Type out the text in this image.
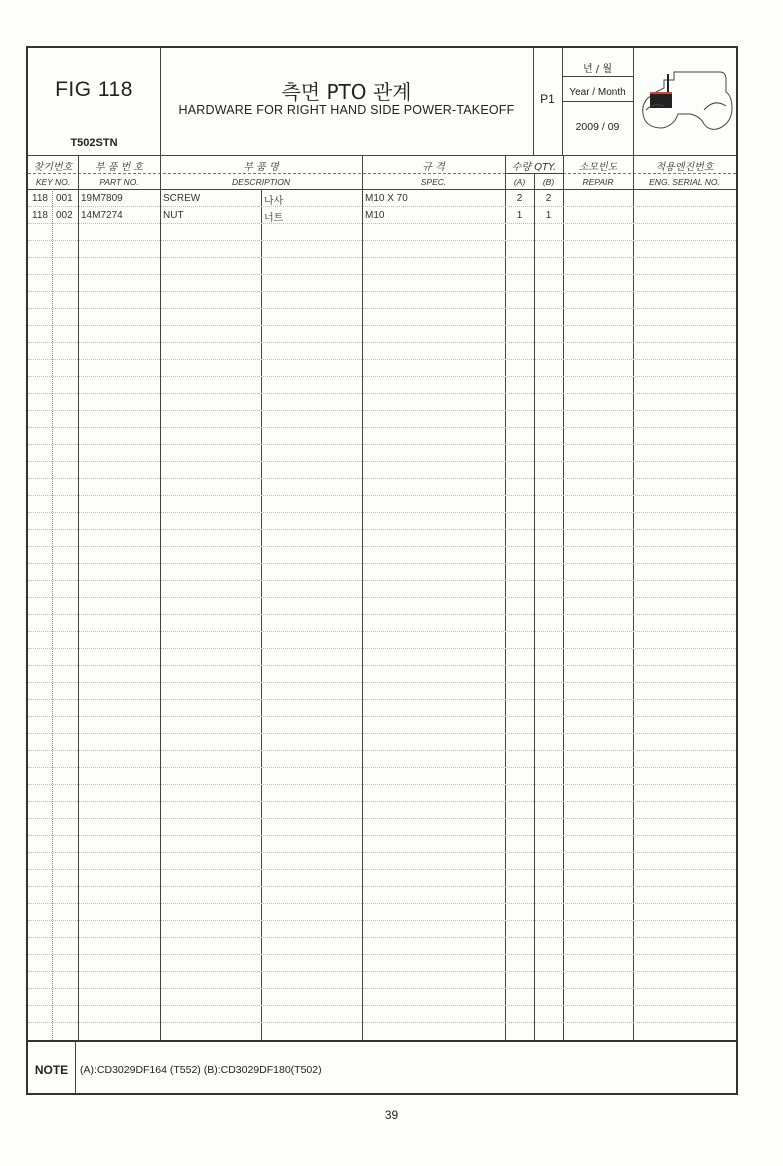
FIG 118
T502STN
측면 PTO 관계
HARDWARE FOR RIGHT HAND SIDE POWER-TAKEOFF
P1
년 / 월
Year / Month
2009 / 09
찾기번호
KEY NO.
부 품 번 호
PART NO.
부 품 명
DESCRIPTION
규 격
SPEC.
수량 QTY.
(A)	(B)
소모빈도
REPAIR
적용엔진번호
ENG. SERIAL NO.
118 001 19M7809	SCREW	나사	M10 X 70	2	2
118 002 14M7274	NUT	너트	M10	1	1
NOTE	(A):CD3029DF164 (T552) (B):CD3029DF180(T502)
39
